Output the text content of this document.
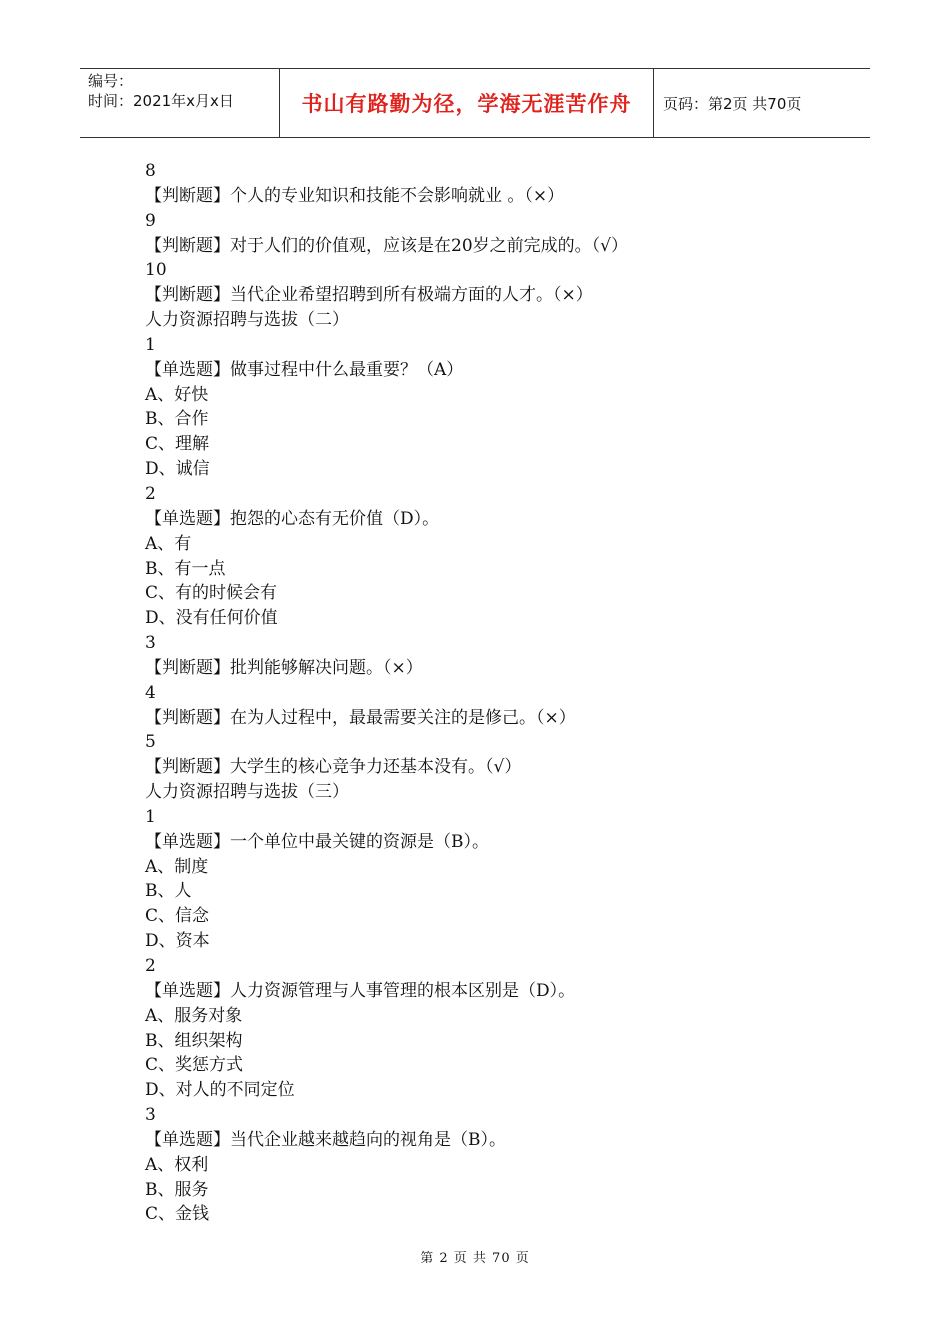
编号：
时间：2021年x月x日	书山有路勤为径，学海无涯苦作舟	页码：第2页 共70页
8
【判断题】个人的专业知识和技能不会影响就业 。（×）
9
【判断题】对于人们的价值观，应该是在20岁之前完成的。（√）
10
【判断题】当代企业希望招聘到所有极端方面的人才。（×）
人力资源招聘与选拔（二）
1
【单选题】做事过程中什么最重要？（A）
A、好快
B、合作
C、理解
D、诚信
2
【单选题】抱怨的心态有无价值（D）。
A、有
B、有一点
C、有的时候会有
D、没有任何价值
3
【判断题】批判能够解决问题。（×）
4
【判断题】在为人过程中，最最需要关注的是修己。（×）
5
【判断题】大学生的核心竞争力还基本没有。（√）
人力资源招聘与选拔（三）
1
【单选题】一个单位中最关键的资源是（B）。
A、制度
B、人
C、信念
D、资本
2
【单选题】人力资源管理与人事管理的根本区别是（D）。
A、服务对象
B、组织架构
C、奖惩方式
D、对人的不同定位
3
【单选题】当代企业越来越趋向的视角是（B）。
A、权利
B、服务
C、金钱
第 2 页 共 70 页
